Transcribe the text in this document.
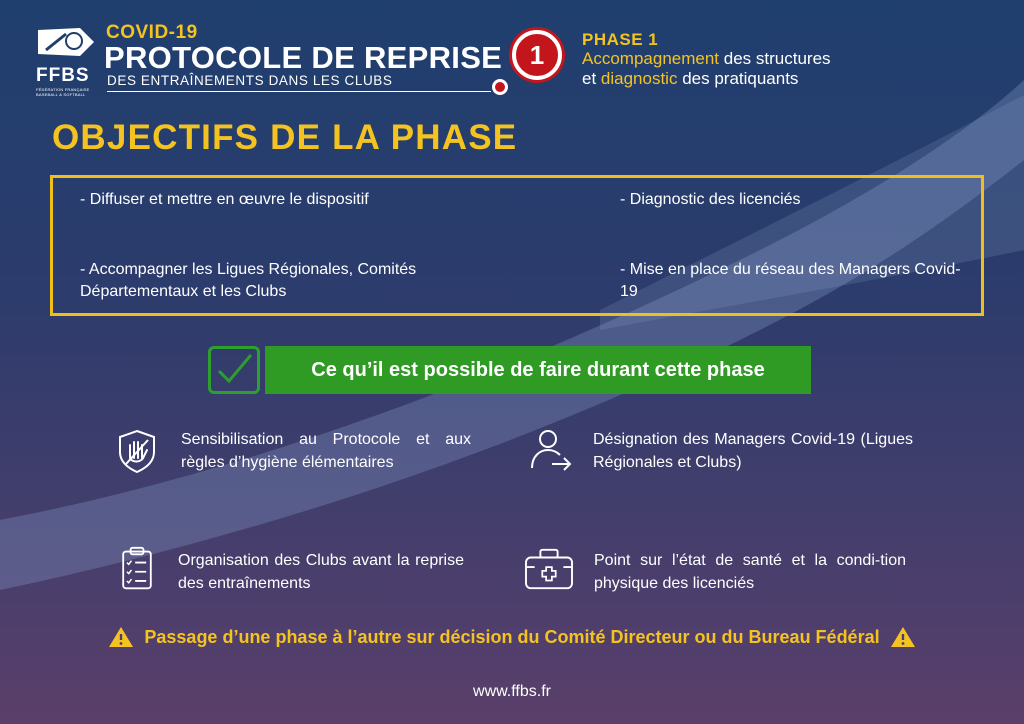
FFBS
FÉDÉRATION FRANÇAISE BASEBALL & SOFTBALL
COVID-19
PROTOCOLE DE REPRISE
DES ENTRAÎNEMENTS DANS LES CLUBS
1	PHASE 1
Accompagnement des structures
et diagnostic des pratiquants
OBJECTIFS DE LA PHASE
- Diffuser et mettre en œuvre le dispositif
- Accompagner les Ligues Régionales, Comités Départementaux et les Clubs
- Diagnostic des licenciés
- Mise en place du réseau des Managers Covid-19
Ce qu’il est possible de faire durant cette phase
Sensibilisation au Protocole et aux règles d’hygiène élémentaires
Désignation des Managers Covid-19 (Ligues Régionales et Clubs)
Organisation des Clubs avant la reprise des entraînements
Point sur l’état de santé et la condi-tion physique des licenciés
Passage d’une phase à l’autre sur décision du Comité Directeur ou du Bureau Fédéral
www.ffbs.fr
